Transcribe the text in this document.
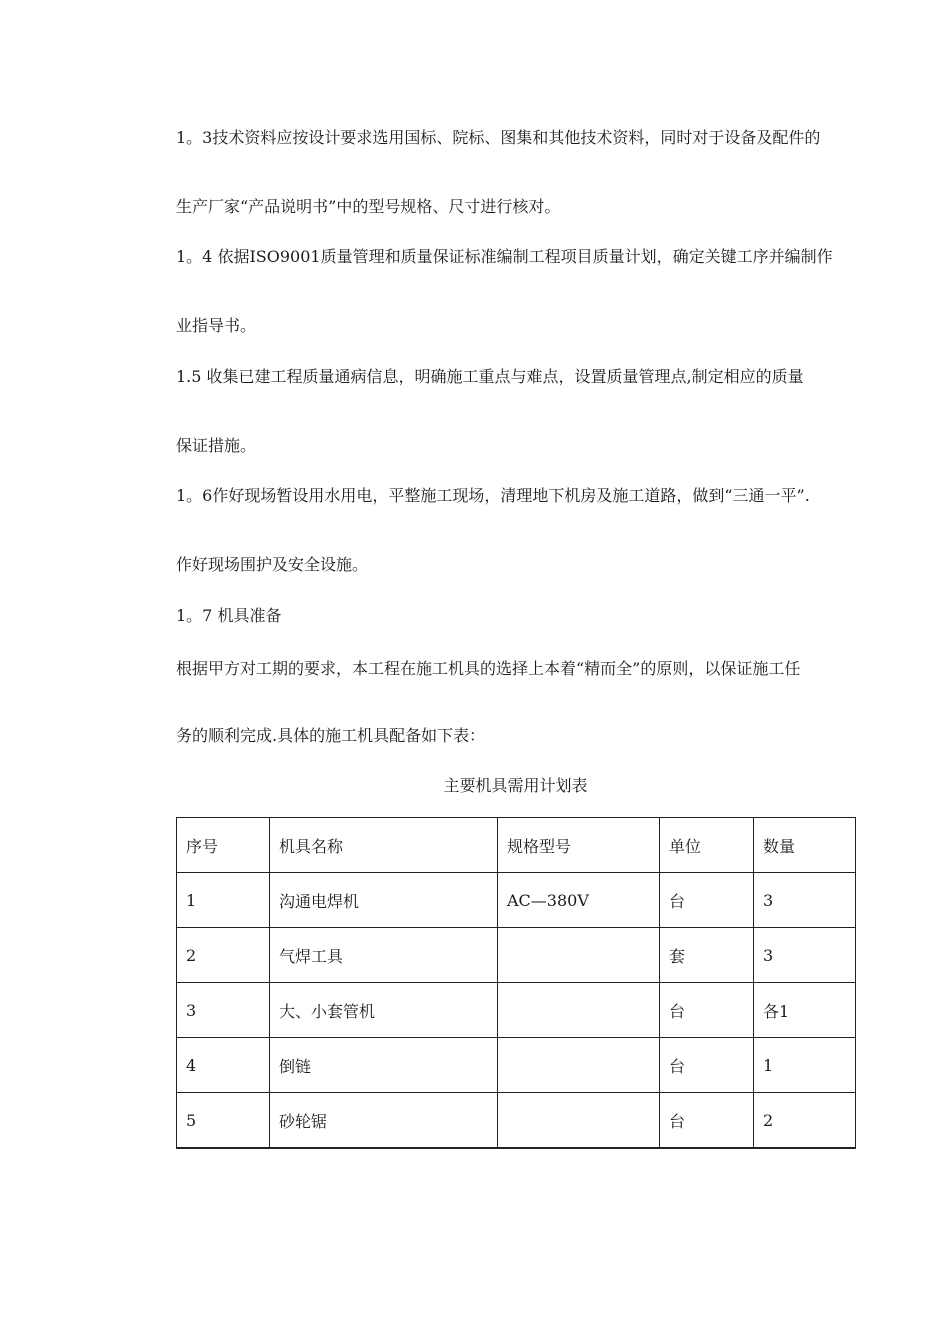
1。3技术资料应按设计要求选用国标、院标、图集和其他技术资料，同时对于设备及配件的

生产厂家“产品说明书”中的型号规格、尺寸进行核对。

1。4 依据ISO9001质量管理和质量保证标准编制工程项目质量计划，确定关键工序并编制作

业指导书。

1.5 收集已建工程质量通病信息，明确施工重点与难点，设置质量管理点,制定相应的质量

保证措施。

1。6作好现场暂设用水用电，平整施工现场，清理地下机房及施工道路，做到“三通一平”.

作好现场围护及安全设施。

1。7 机具准备

根据甲方对工期的要求，本工程在施工机具的选择上本着“精而全”的原则，以保证施工任

务的顺利完成.具体的施工机具配备如下表：

主要机具需用计划表
序号	机具名称	规格型号	单位	数量
1	沟通电焊机	AC—380V	台	3
2	气焊工具		套	3
3	大、小套管机		台	各1
4	倒链		台	1
5	砂轮锯		台	2
